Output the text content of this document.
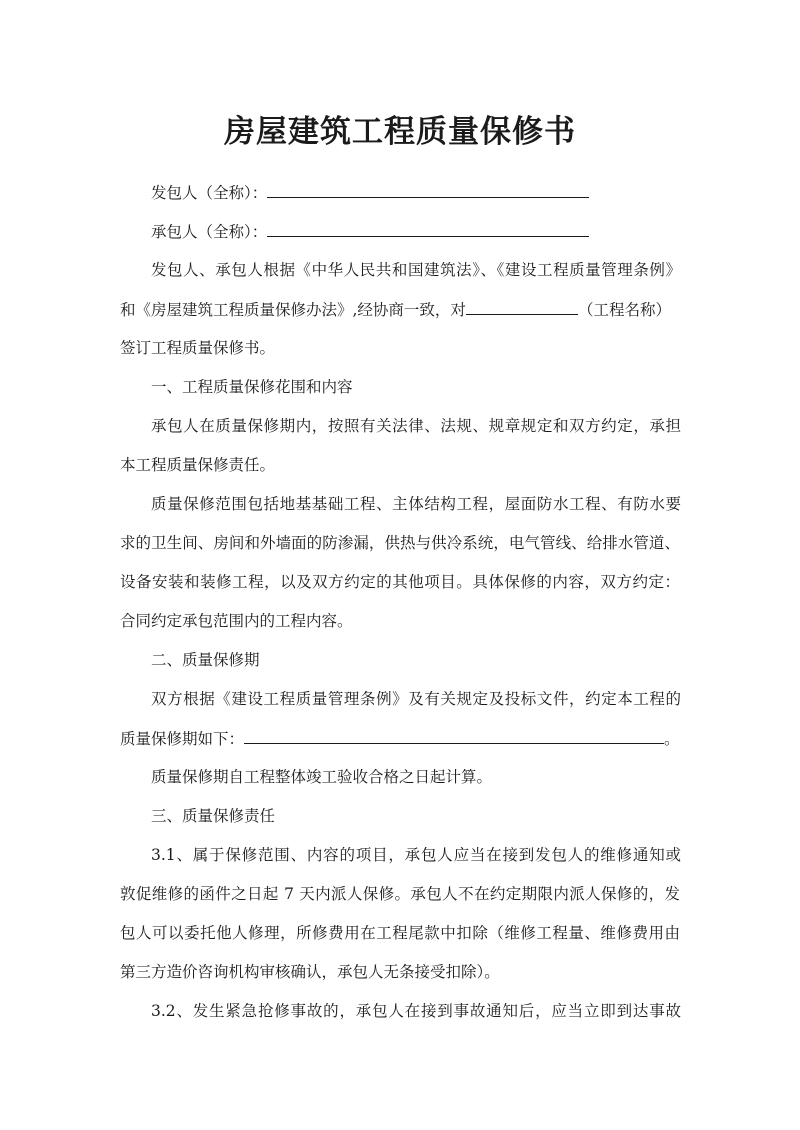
房屋建筑工程质量保修书
发包人（全称）：
承包人（全称）：
发包人、承包人根据《中华人民共和国建筑法》、《建设工程质量管理条例》
和《房屋建筑工程质量保修办法》,经协商一致，对	（工程名称）
签订工程质量保修书。
一、工程质量保修花围和内容
承包人在质量保修期内，按照有关法律、法规、规章规定和双方约定，承担
本工程质量保修责任。
质量保修范围包括地基基础工程、主体结构工程，屋面防水工程、有防水要
求的卫生间、房间和外墙面的防渗漏，供热与供冷系统，电气管线、给排水管道、
设备安装和装修工程，以及双方约定的其他项目。具体保修的内容，双方约定：
合同约定承包范围内的工程内容。
二、质量保修期
双方根据《建设工程质量管理条例》及有关规定及投标文件，约定本工程的
质量保修期如下：	。
质量保修期自工程整体竣工验收合格之日起计算。
三、质量保修责任
3.1、属于保修范围、内容的项目，承包人应当在接到发包人的维修通知或
敦促维修的函件之日起 7 天内派人保修。承包人不在约定期限内派人保修的，发
包人可以委托他人修理，所修费用在工程尾款中扣除（维修工程量、维修费用由
第三方造价咨询机构审核确认，承包人无条接受扣除）。
3.2、发生紧急抢修事故的，承包人在接到事故通知后，应当立即到达事故
